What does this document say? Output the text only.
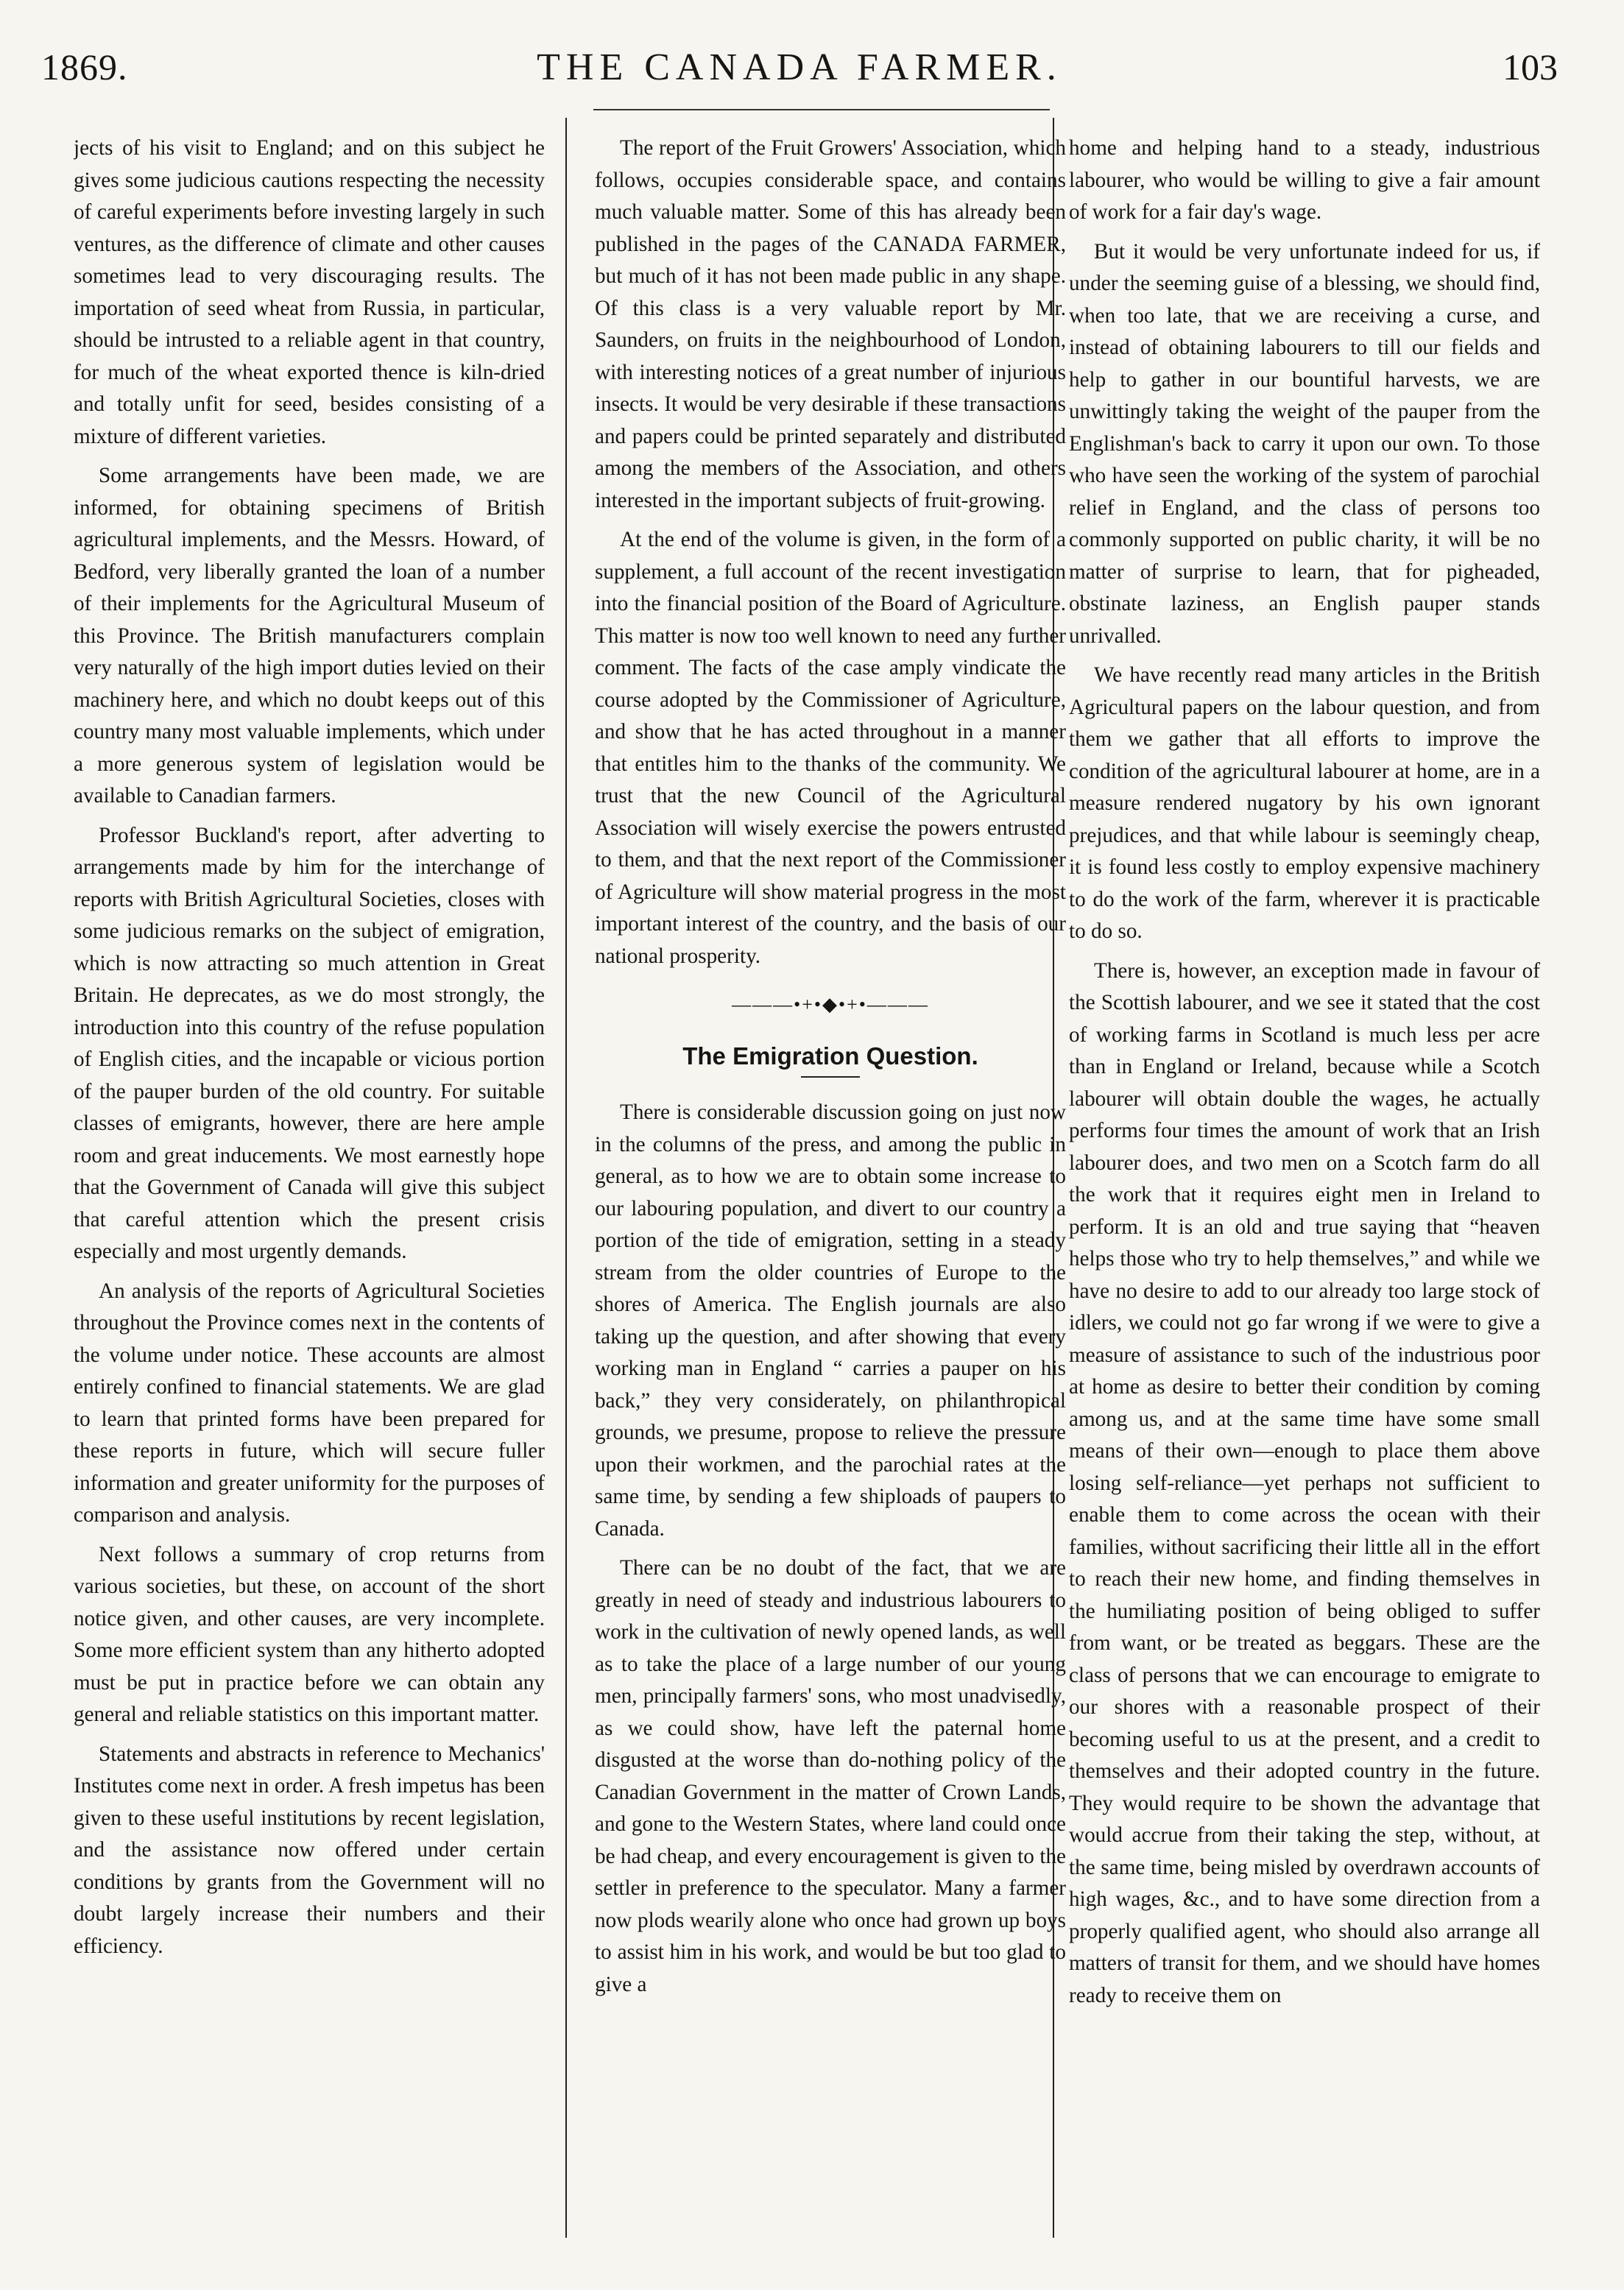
1869.	THE CANADA FARMER.	103

jects of his visit to England; and on this subject he gives some judicious cautions respecting the necessity of careful experiments before investing largely in such ventures, as the difference of climate and other causes sometimes lead to very discouraging results. The importation of seed wheat from Russia, in particular, should be intrusted to a reliable agent in that country, for much of the wheat exported thence is kiln-dried and totally unfit for seed, besides consisting of a mixture of different varieties.

Some arrangements have been made, we are informed, for obtaining specimens of British agricultural implements, and the Messrs. Howard, of Bedford, very liberally granted the loan of a number of their implements for the Agricultural Museum of this Province. The British manufacturers complain very naturally of the high import duties levied on their machinery here, and which no doubt keeps out of this country many most valuable implements, which under a more generous system of legislation would be available to Canadian farmers.

Professor Buckland's report, after adverting to arrangements made by him for the interchange of reports with British Agricultural Societies, closes with some judicious remarks on the subject of emigration, which is now attracting so much attention in Great Britain. He deprecates, as we do most strongly, the introduction into this country of the refuse population of English cities, and the incapable or vicious portion of the pauper burden of the old country. For suitable classes of emigrants, however, there are here ample room and great inducements. We most earnestly hope that the Government of Canada will give this subject that careful attention which the present crisis especially and most urgently demands.

An analysis of the reports of Agricultural Societies throughout the Province comes next in the contents of the volume under notice. These accounts are almost entirely confined to financial statements. We are glad to learn that printed forms have been prepared for these reports in future, which will secure fuller information and greater uniformity for the purposes of comparison and analysis.

Next follows a summary of crop returns from various societies, but these, on account of the short notice given, and other causes, are very incomplete. Some more efficient system than any hitherto adopted must be put in practice before we can obtain any general and reliable statistics on this important matter.

Statements and abstracts in reference to Mechanics' Institutes come next in order. A fresh impetus has been given to these useful institutions by recent legislation, and the assistance now offered under certain conditions by grants from the Government will no doubt largely increase their numbers and their efficiency.

The report of the Fruit Growers' Association, which follows, occupies considerable space, and contains much valuable matter. Some of this has already been published in the pages of the CANADA FARMER, but much of it has not been made public in any shape. Of this class is a very valuable report by Mr. Saunders, on fruits in the neighbourhood of London, with interesting notices of a great number of injurious insects. It would be very desirable if these transactions and papers could be printed separately and distributed among the members of the Association, and others interested in the important subjects of fruit-growing.

At the end of the volume is given, in the form of a supplement, a full account of the recent investigation into the financial position of the Board of Agriculture. This matter is now too well known to need any further comment. The facts of the case amply vindicate the course adopted by the Commissioner of Agriculture, and show that he has acted throughout in a manner that entitles him to the thanks of the community. We trust that the new Council of the Agricultural Association will wisely exercise the powers entrusted to them, and that the next report of the Commissioner of Agriculture will show material progress in the most important interest of the country, and the basis of our national prosperity.

———•+•◆•+•———
The Emigration Question.

There is considerable discussion going on just now in the columns of the press, and among the public in general, as to how we are to obtain some increase to our labouring population, and divert to our country a portion of the tide of emigration, setting in a steady stream from the older countries of Europe to the shores of America. The English journals are also taking up the question, and after showing that every working man in England “ carries a pauper on his back,” they very considerately, on philanthropical grounds, we presume, propose to relieve the pressure upon their workmen, and the parochial rates at the same time, by sending a few shiploads of paupers to Canada.

There can be no doubt of the fact, that we are greatly in need of steady and industrious labourers to work in the cultivation of newly opened lands, as well as to take the place of a large number of our young men, principally farmers' sons, who most unadvisedly, as we could show, have left the paternal home disgusted at the worse than do-nothing policy of the Canadian Government in the matter of Crown Lands, and gone to the Western States, where land could once be had cheap, and every encouragement is given to the settler in preference to the speculator. Many a farmer now plods wearily alone who once had grown up boys to assist him in his work, and would be but too glad to give a

home and helping hand to a steady, industrious labourer, who would be willing to give a fair amount of work for a fair day's wage.

But it would be very unfortunate indeed for us, if under the seeming guise of a blessing, we should find, when too late, that we are receiving a curse, and instead of obtaining labourers to till our fields and help to gather in our bountiful harvests, we are unwittingly taking the weight of the pauper from the Englishman's back to carry it upon our own. To those who have seen the working of the system of parochial relief in England, and the class of persons too commonly supported on public charity, it will be no matter of surprise to learn, that for pigheaded, obstinate laziness, an English pauper stands unrivalled.

We have recently read many articles in the British Agricultural papers on the labour question, and from them we gather that all efforts to improve the condition of the agricultural labourer at home, are in a measure rendered nugatory by his own ignorant prejudices, and that while labour is seemingly cheap, it is found less costly to employ expensive machinery to do the work of the farm, wherever it is practicable to do so.

There is, however, an exception made in favour of the Scottish labourer, and we see it stated that the cost of working farms in Scotland is much less per acre than in England or Ireland, because while a Scotch labourer will obtain double the wages, he actually performs four times the amount of work that an Irish labourer does, and two men on a Scotch farm do all the work that it requires eight men in Ireland to perform. It is an old and true saying that “heaven helps those who try to help themselves,” and while we have no desire to add to our already too large stock of idlers, we could not go far wrong if we were to give a measure of assistance to such of the industrious poor at home as desire to better their condition by coming among us, and at the same time have some small means of their own—enough to place them above losing self-reliance—yet perhaps not sufficient to enable them to come across the ocean with their families, without sacrificing their little all in the effort to reach their new home, and finding themselves in the humiliating position of being obliged to suffer from want, or be treated as beggars. These are the class of persons that we can encourage to emigrate to our shores with a reasonable prospect of their becoming useful to us at the present, and a credit to themselves and their adopted country in the future. They would require to be shown the advantage that would accrue from their taking the step, without, at the same time, being misled by overdrawn accounts of high wages, &c., and to have some direction from a properly qualified agent, who should also arrange all matters of transit for them, and we should have homes ready to receive them on
